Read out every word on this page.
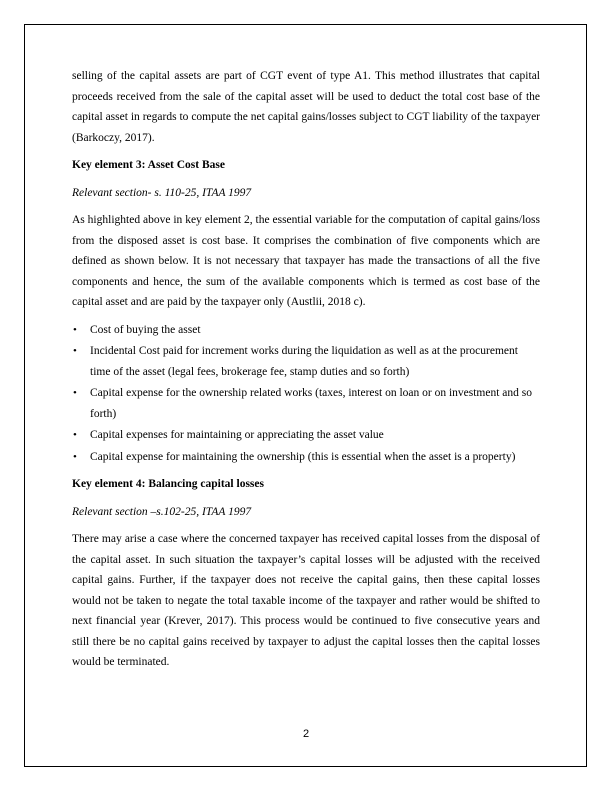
selling of the capital assets are part of CGT event of type A1. This method illustrates that capital proceeds received from the sale of the capital asset will be used to deduct the total cost base of the capital asset in regards to compute the net capital gains/losses subject to CGT liability of the taxpayer (Barkoczy, 2017).

Key element 3: Asset Cost Base

Relevant section- s. 110-25, ITAA 1997

As highlighted above in key element 2, the essential variable for the computation of capital gains/loss from the disposed asset is cost base. It comprises the combination of five components which are defined as shown below. It is not necessary that taxpayer has made the transactions of all the five components and hence, the sum of the available components which is termed as cost base of the capital asset and are paid by the taxpayer only (Austlii, 2018 c).

• Cost of buying the asset
• Incidental Cost paid for increment works during the liquidation as well as at the procurement time of the asset (legal fees, brokerage fee, stamp duties and so forth)
• Capital expense for the ownership related works (taxes, interest on loan or on investment and so forth)
• Capital expenses for maintaining or appreciating the asset value
• Capital expense for maintaining the ownership (this is essential when the asset is a property)

Key element 4: Balancing capital losses

Relevant section –s.102-25, ITAA 1997

There may arise a case where the concerned taxpayer has received capital losses from the disposal of the capital asset. In such situation the taxpayer’s capital losses will be adjusted with the received capital gains. Further, if the taxpayer does not receive the capital gains, then these capital losses would not be taken to negate the total taxable income of the taxpayer and rather would be shifted to next financial year (Krever, 2017). This process would be continued to five consecutive years and still there be no capital gains received by taxpayer to adjust the capital losses then the capital losses would be terminated.

2
